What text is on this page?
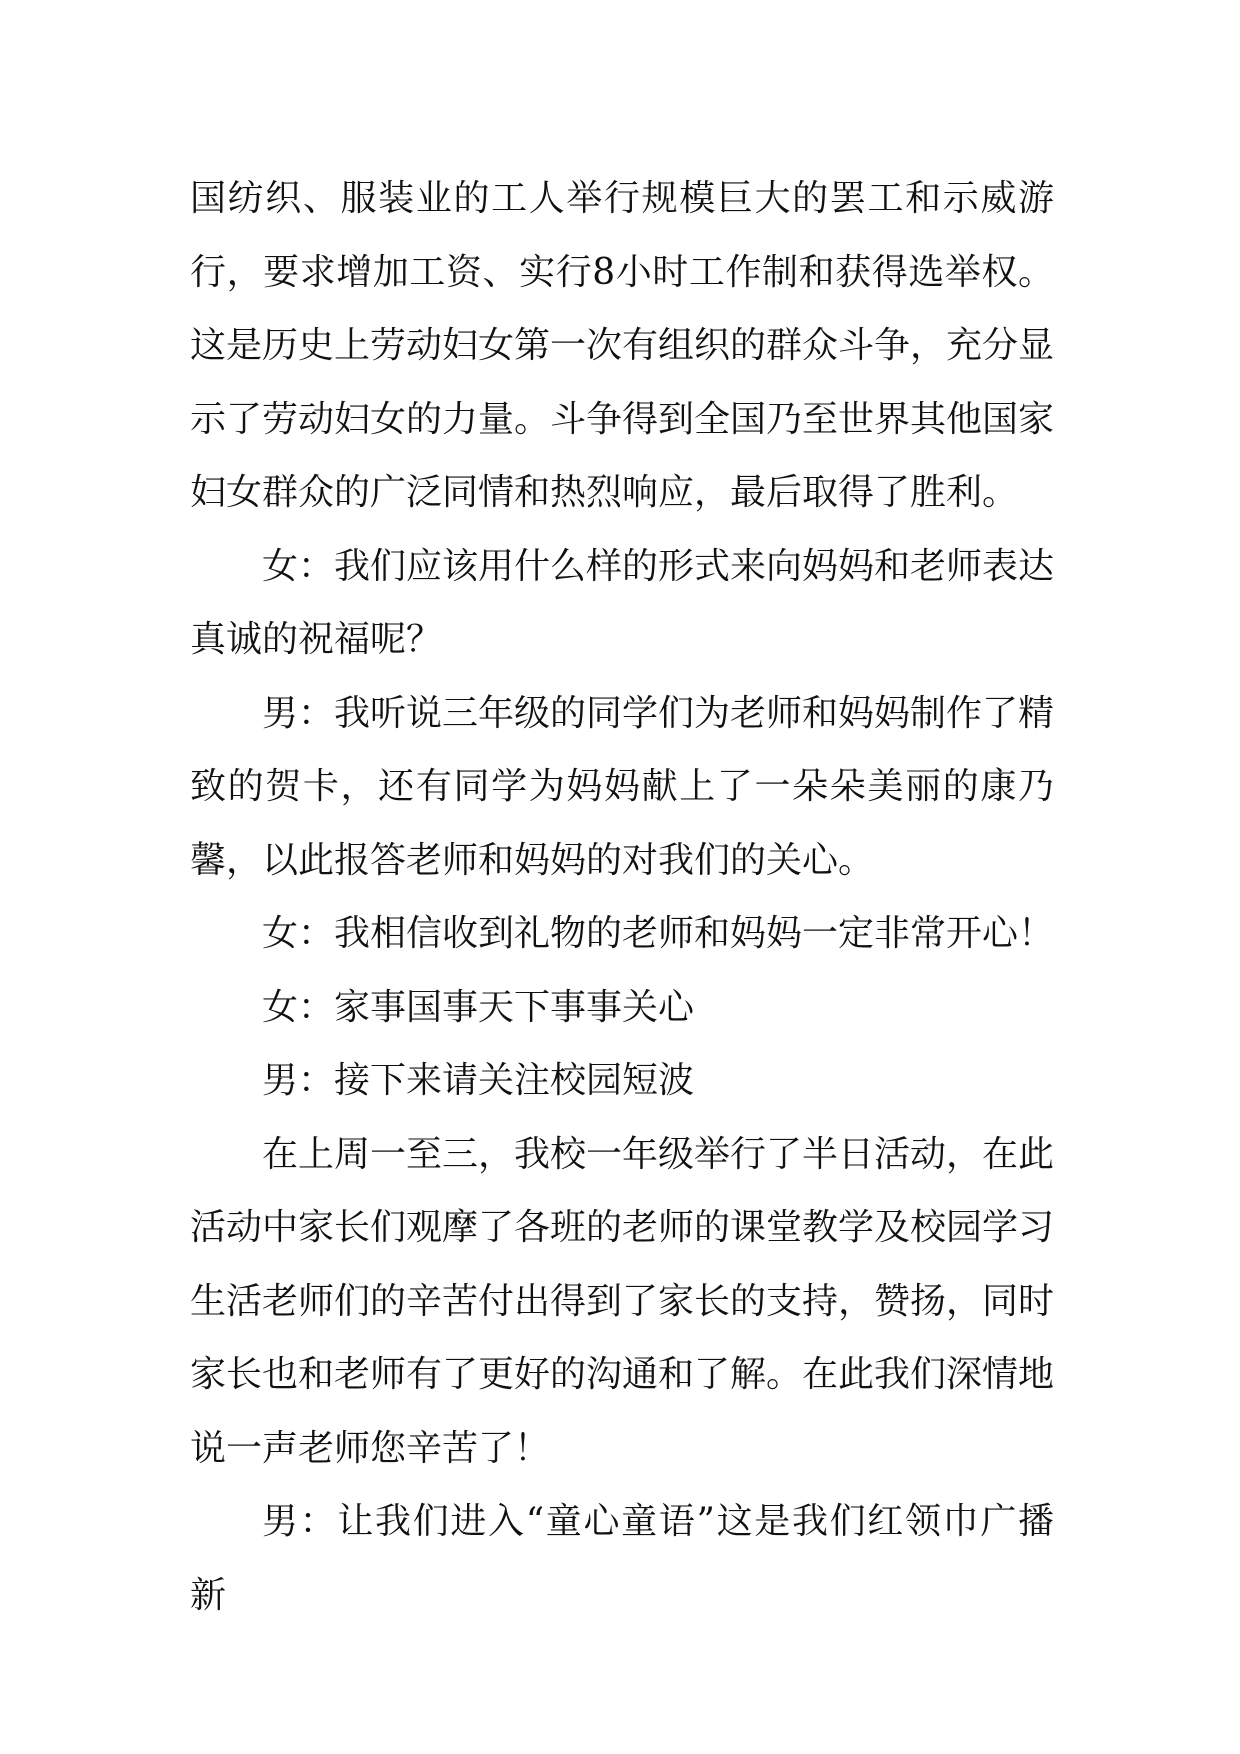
国纺织、服装业的工人举行规模巨大的罢工和示威游行，要求增加工资、实行8小时工作制和获得选举权。这是历史上劳动妇女第一次有组织的群众斗争，充分显示了劳动妇女的力量。斗争得到全国乃至世界其他国家妇女群众的广泛同情和热烈响应，最后取得了胜利。

女：我们应该用什么样的形式来向妈妈和老师表达真诚的祝福呢？

男：我听说三年级的同学们为老师和妈妈制作了精致的贺卡，还有同学为妈妈献上了一朵朵美丽的康乃馨，以此报答老师和妈妈的对我们的关心。

女：我相信收到礼物的老师和妈妈一定非常开心！

女：家事国事天下事事关心

男：接下来请关注校园短波

在上周一至三，我校一年级举行了半日活动，在此活动中家长们观摩了各班的老师的课堂教学及校园学习生活老师们的辛苦付出得到了家长的支持，赞扬，同时家长也和老师有了更好的沟通和了解。在此我们深情地说一声老师您辛苦了！

男：让我们进入“童心童语”这是我们红领巾广播新
